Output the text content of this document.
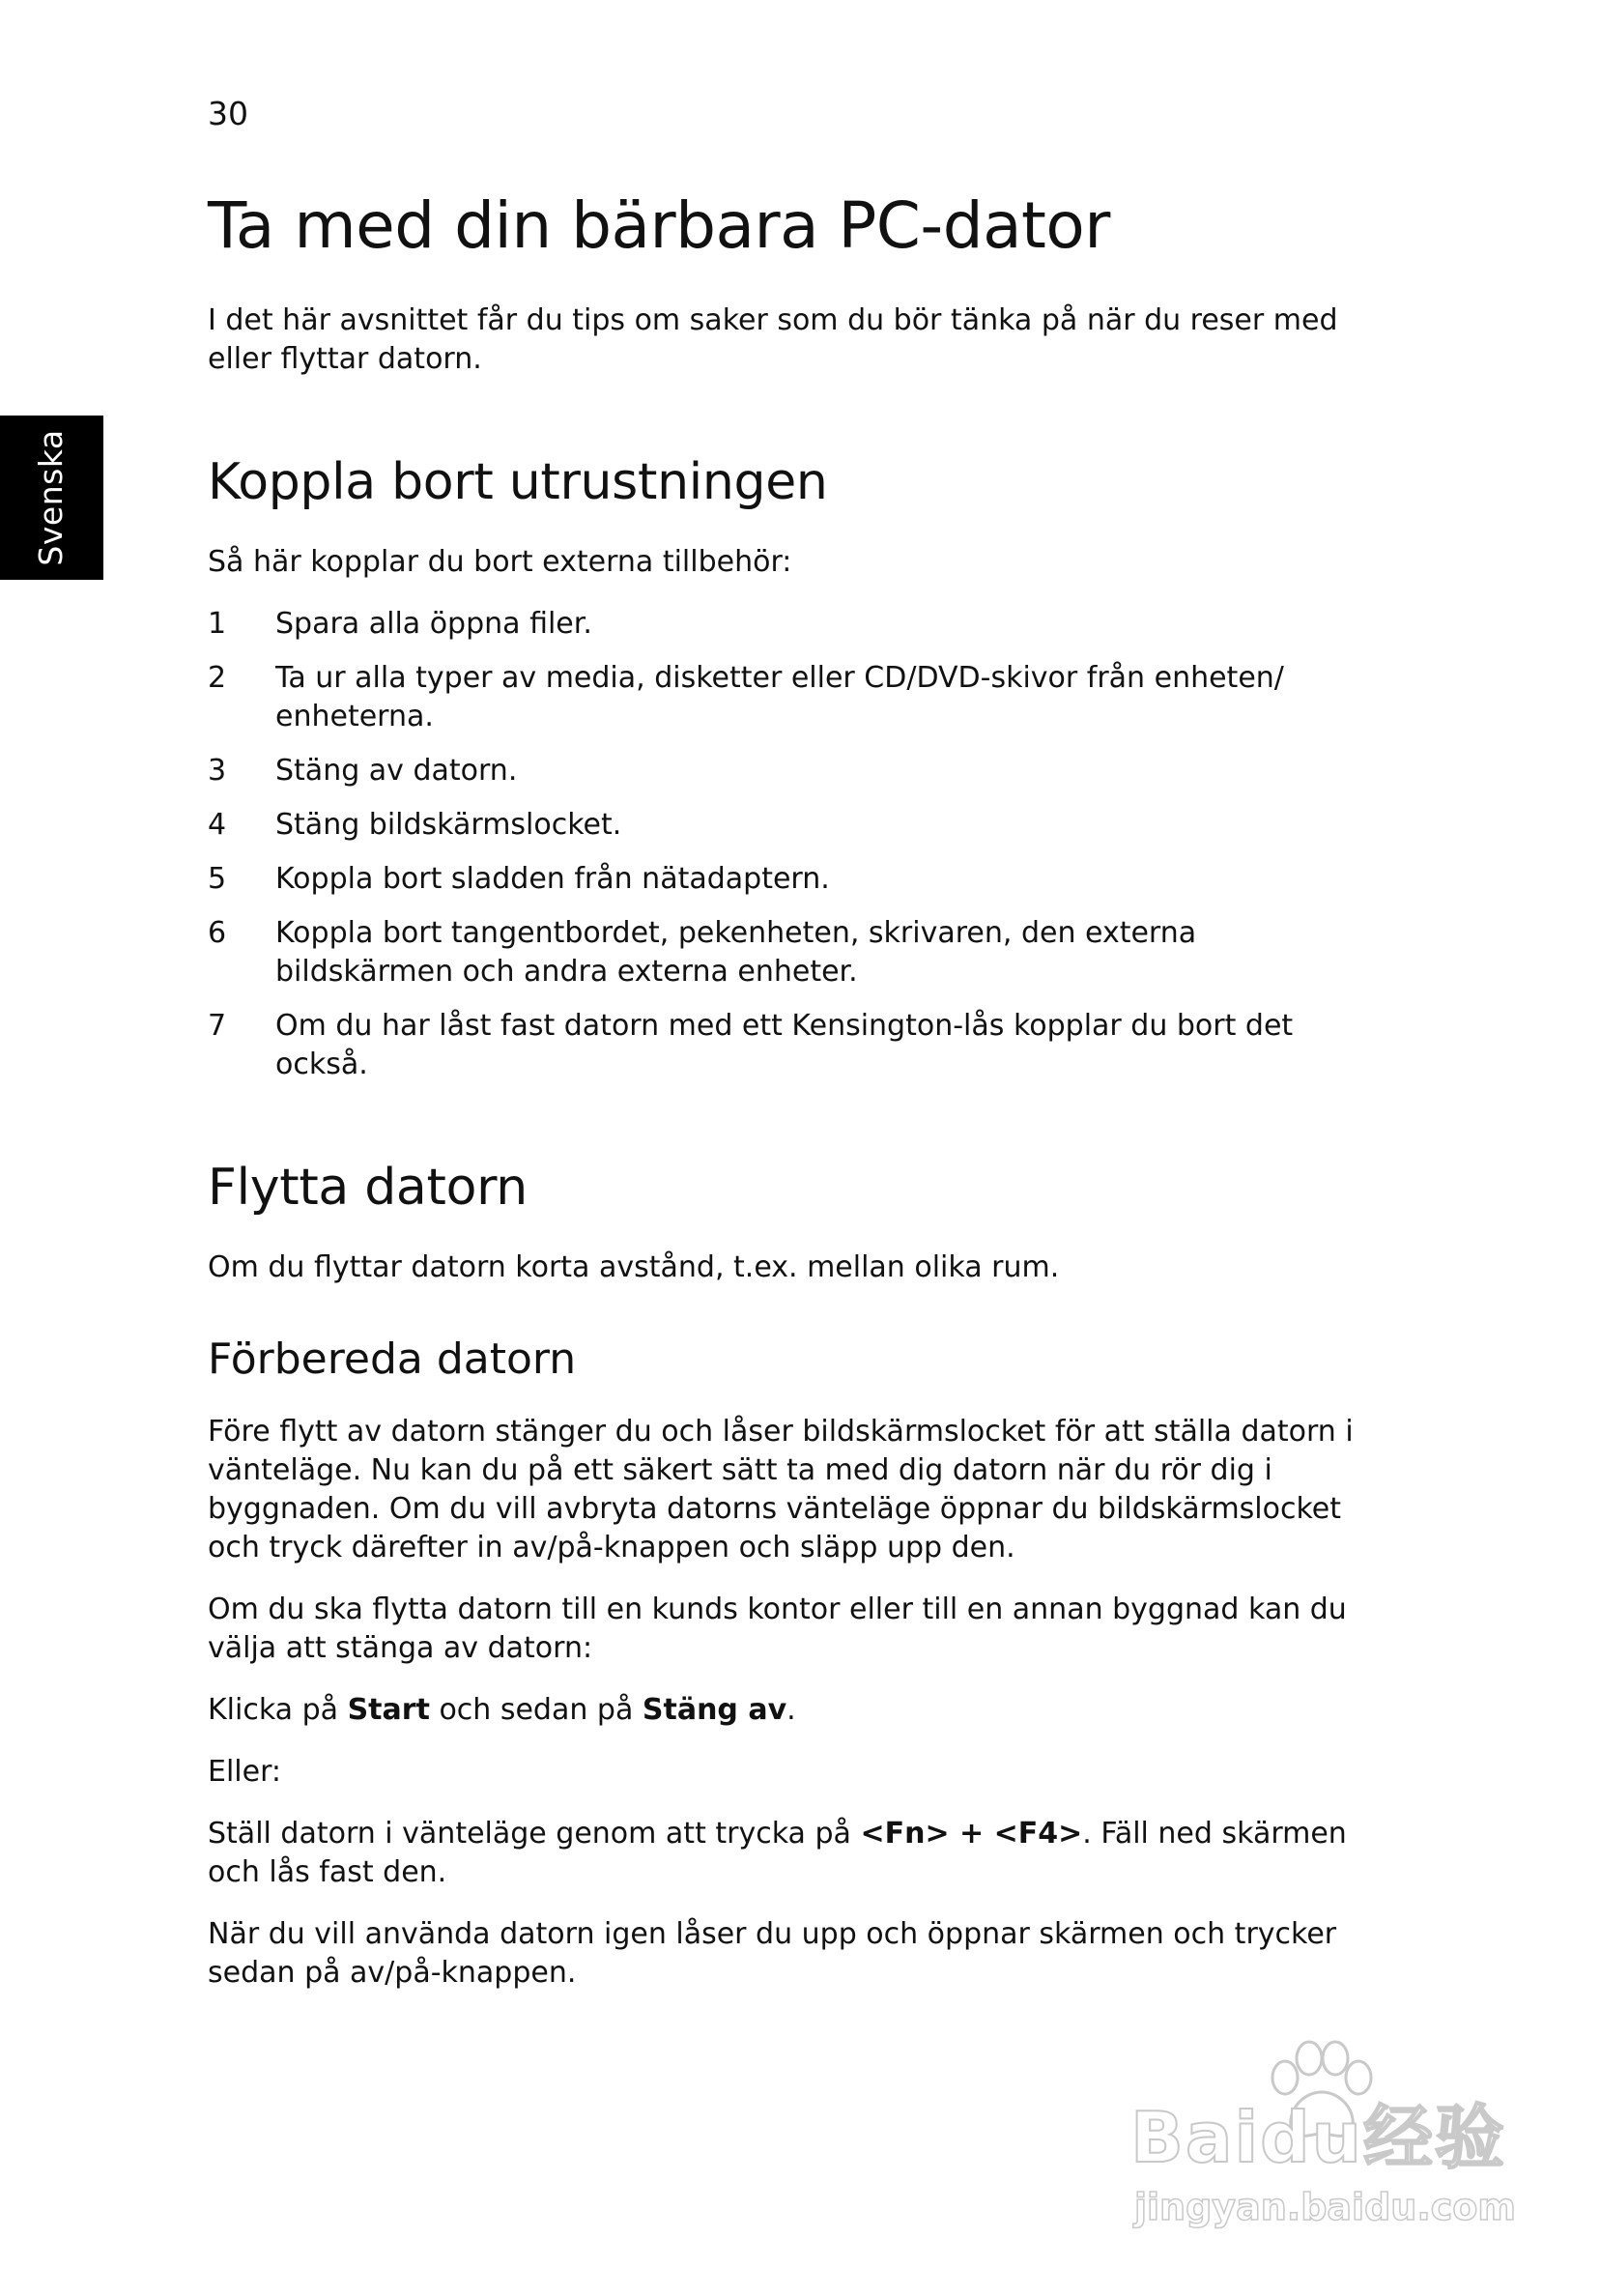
30
Svenska
Ta med din bärbara PC-dator

I det här avsnittet får du tips om saker som du bör tänka på när du reser med eller flyttar datorn.

Koppla bort utrustningen

Så här kopplar du bort externa tillbehör:

1	Spara alla öppna filer.
2	Ta ur alla typer av media, disketter eller CD/DVD-skivor från enheten/ enheterna.
3	Stäng av datorn.
4	Stäng bildskärmslocket.
5	Koppla bort sladden från nätadaptern.
6	Koppla bort tangentbordet, pekenheten, skrivaren, den externa bildskärmen och andra externa enheter.
7	Om du har låst fast datorn med ett Kensington-lås kopplar du bort det också.
Flytta datorn

Om du flyttar datorn korta avstånd, t.ex. mellan olika rum.

Förbereda datorn

Före flytt av datorn stänger du och låser bildskärmslocket för att ställa datorn i vänteläge. Nu kan du på ett säkert sätt ta med dig datorn när du rör dig i byggnaden. Om du vill avbryta datorns vänteläge öppnar du bildskärmslocket och tryck därefter in av/på-knappen och släpp upp den.

Om du ska flytta datorn till en kunds kontor eller till en annan byggnad kan du välja att stänga av datorn:

Klicka på Start och sedan på Stäng av.

Eller:

Ställ datorn i vänteläge genom att trycka på <Fn> + <F4>. Fäll ned skärmen och lås fast den.

När du vill använda datorn igen låser du upp och öppnar skärmen och trycker sedan på av/på-knappen.

Baidu经验
jingyan.baidu.com
